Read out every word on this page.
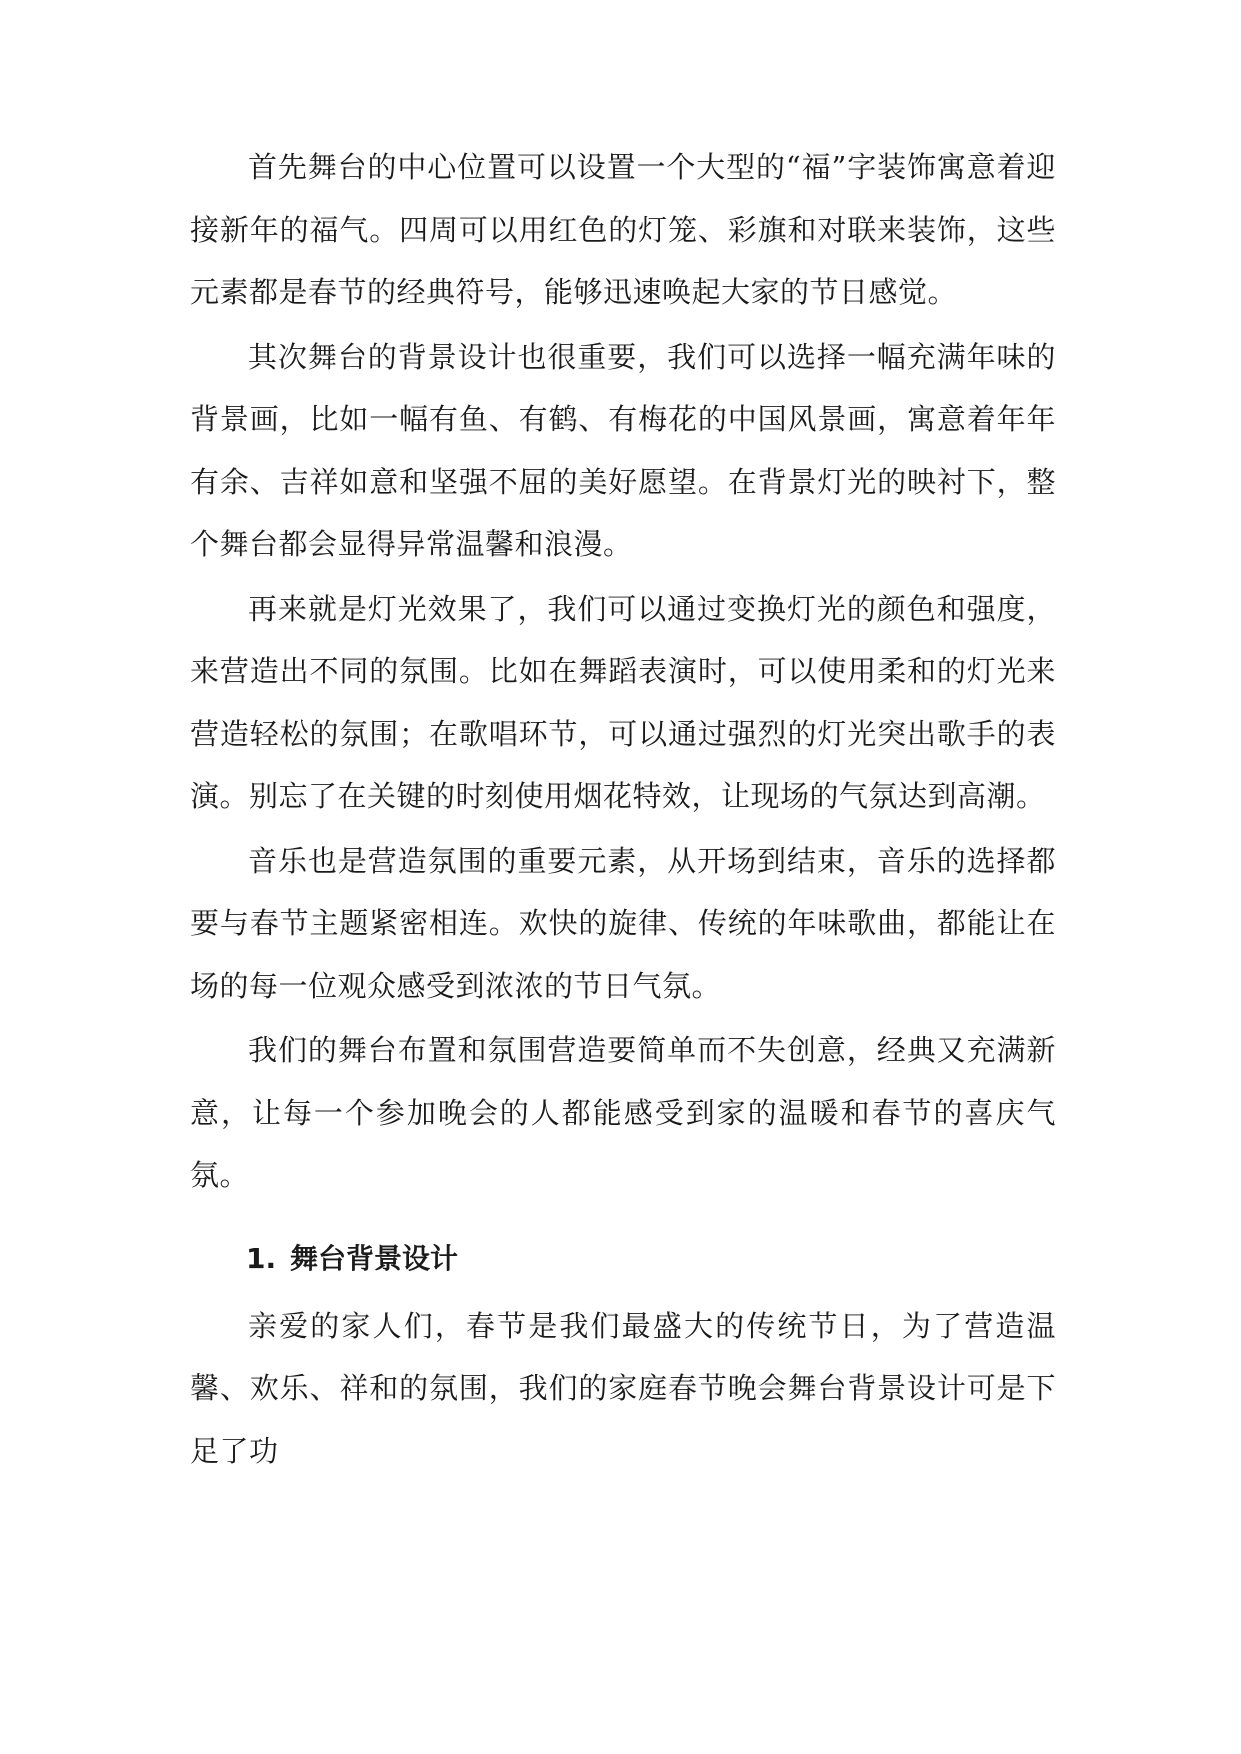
首先舞台的中心位置可以设置一个大型的“福”字装饰寓意着迎接新年的福气。四周可以用红色的灯笼、彩旗和对联来装饰，这些元素都是春节的经典符号，能够迅速唤起大家的节日感觉。

其次舞台的背景设计也很重要，我们可以选择一幅充满年味的背景画，比如一幅有鱼、有鹤、有梅花的中国风景画，寓意着年年有余、吉祥如意和坚强不屈的美好愿望。在背景灯光的映衬下，整个舞台都会显得异常温馨和浪漫。

再来就是灯光效果了，我们可以通过变换灯光的颜色和强度，来营造出不同的氛围。比如在舞蹈表演时，可以使用柔和的灯光来营造轻松的氛围；在歌唱环节，可以通过强烈的灯光突出歌手的表演。别忘了在关键的时刻使用烟花特效，让现场的气氛达到高潮。

音乐也是营造氛围的重要元素，从开场到结束，音乐的选择都要与春节主题紧密相连。欢快的旋律、传统的年味歌曲，都能让在场的每一位观众感受到浓浓的节日气氛。

我们的舞台布置和氛围营造要简单而不失创意，经典又充满新意，让每一个参加晚会的人都能感受到家的温暖和春节的喜庆气氛。

1. 舞台背景设计

亲爱的家人们，春节是我们最盛大的传统节日，为了营造温馨、欢乐、祥和的氛围，我们的家庭春节晚会舞台背景设计可是下足了功
